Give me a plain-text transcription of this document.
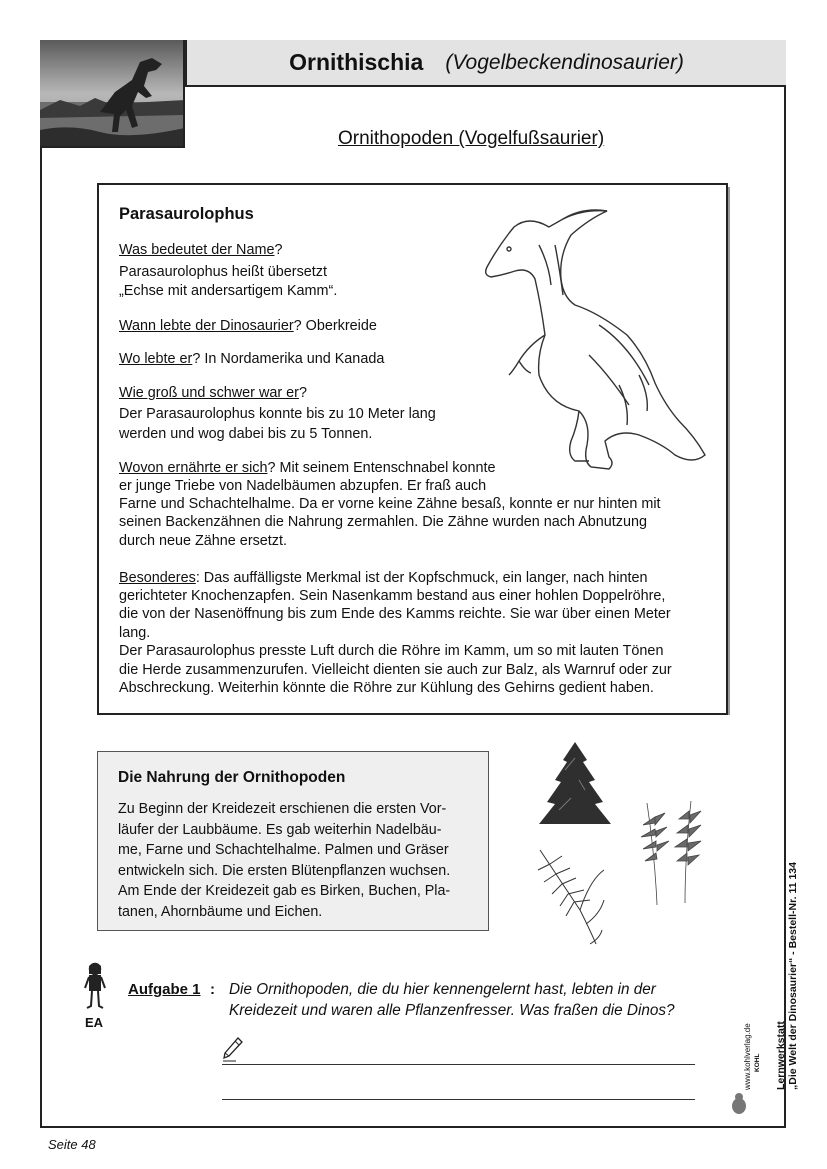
Ornithischia (Vogelbeckendinosaurier)
Ornithopoden (Vogelfußsaurier)
Parasaurolophus
Was bedeutet der Name?
Parasaurolophus heißt übersetzt
„Echse mit andersartigem Kamm“.
Wann lebte der Dinosaurier? Oberkreide
Wo lebte er? In Nordamerika und Kanada
Wie groß und schwer war er?
Der Parasaurolophus konnte bis zu 10 Meter lang
werden und wog dabei bis zu 5 Tonnen.
Wovon ernährte er sich? Mit seinem Entenschnabel konnte
er junge Triebe von Nadelbäumen abzupfen. Er fraß auch
Farne und Schachtelhalme. Da er vorne keine Zähne besaß, konnte er nur hinten mit
seinen Backenzähnen die Nahrung zermahlen. Die Zähne wurden nach Abnutzung
durch neue Zähne ersetzt.
Besonderes: Das auffälligste Merkmal ist der Kopfschmuck, ein langer, nach hinten
gerichteter Knochenzapfen. Sein Nasenkamm bestand aus einer hohlen Doppelröhre,
die von der Nasenöffnung bis zum Ende des Kamms reichte. Sie war über einen Meter
lang.
Der Parasaurolophus presste Luft durch die Röhre im Kamm, um so mit lauten Tönen
die Herde zusammenzurufen. Vielleicht dienten sie auch zur Balz, als Warnruf oder zur
Abschreckung. Weiterhin könnte die Röhre zur Kühlung des Gehirns gedient haben.
Die Nahrung der Ornithopoden
Zu Beginn der Kreidezeit erschienen die ersten Vor-
läufer der Laubbäume. Es gab weiterhin Nadelbäu-
me, Farne und Schachtelhalme. Palmen und Gräser
entwickeln sich. Die ersten Blütenpflanzen wuchsen.
Am Ende der Kreidezeit gab es Birken, Buchen, Pla-
tanen, Ahornbäume und Eichen.
EA
Aufgabe 1 : Die Ornithopoden, die du hier kennengelernt hast, lebten in der
Kreidezeit und waren alle Pflanzenfresser. Was fraßen die Dinos?
Lernwerkstatt „Die Welt der Dinosaurier“ - Bestell-Nr. 11 134
www.kohlverlag.de KOHL
Seite 48
